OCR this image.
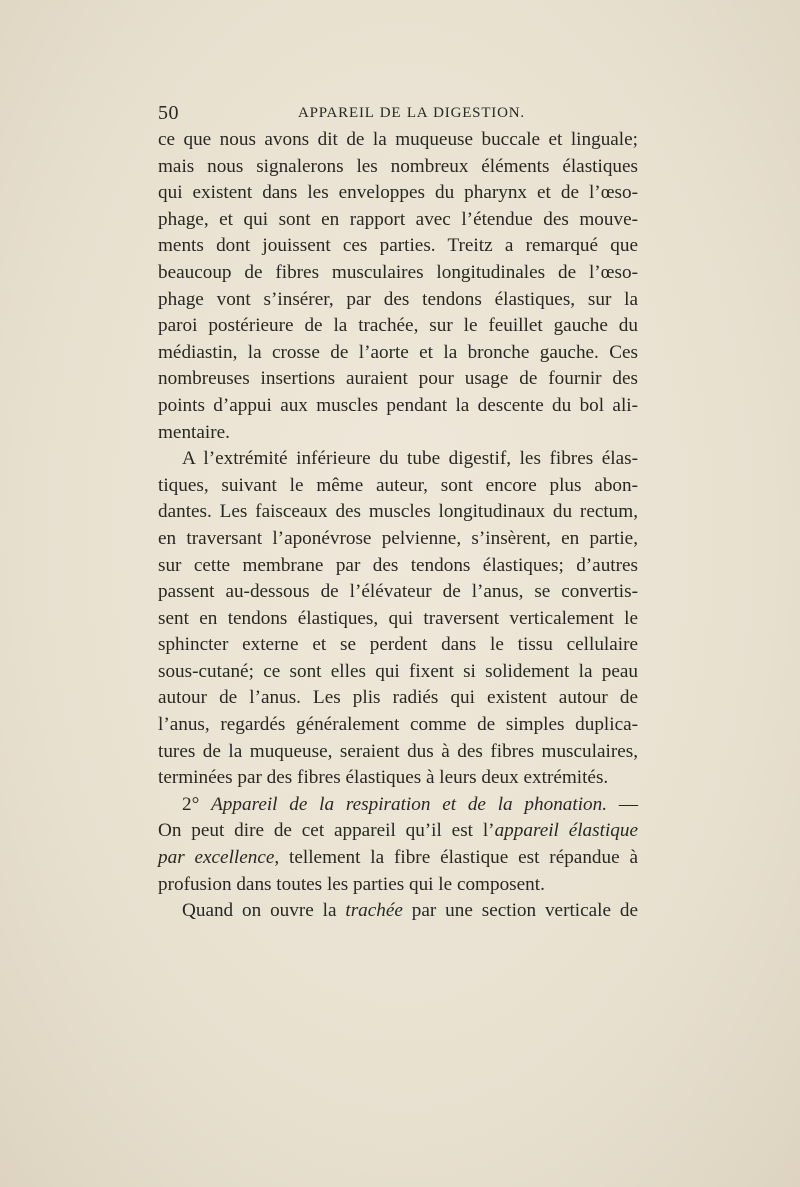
50	APPAREIL DE LA DIGESTION.

ce que nous avons dit de la muqueuse buccale et linguale;
mais nous signalerons les nombreux éléments élastiques
qui existent dans les enveloppes du pharynx et de l’œso-
phage, et qui sont en rapport avec l’étendue des mouve-
ments dont jouissent ces parties. Treitz a remarqué que
beaucoup de fibres musculaires longitudinales de l’œso-
phage vont s’insérer, par des tendons élastiques, sur la
paroi postérieure de la trachée, sur le feuillet gauche du
médiastin, la crosse de l’aorte et la bronche gauche. Ces
nombreuses insertions auraient pour usage de fournir des
points d’appui aux muscles pendant la descente du bol ali-
mentaire.

A l’extrémité inférieure du tube digestif, les fibres élas-
tiques, suivant le même auteur, sont encore plus abon-
dantes. Les faisceaux des muscles longitudinaux du rectum,
en traversant l’aponévrose pelvienne, s’insèrent, en partie,
sur cette membrane par des tendons élastiques; d’autres
passent au-dessous de l’élévateur de l’anus, se convertis-
sent en tendons élastiques, qui traversent verticalement le
sphincter externe et se perdent dans le tissu cellulaire
sous-cutané; ce sont elles qui fixent si solidement la peau
autour de l’anus. Les plis radiés qui existent autour de
l’anus, regardés généralement comme de simples duplica-
tures de la muqueuse, seraient dus à des fibres musculaires,
terminées par des fibres élastiques à leurs deux extrémités.

2° Appareil de la respiration et de la phonation. —
On peut dire de cet appareil qu’il est l’appareil élastique
par excellence, tellement la fibre élastique est répandue à
profusion dans toutes les parties qui le composent.

Quand on ouvre la trachée par une section verticale de
